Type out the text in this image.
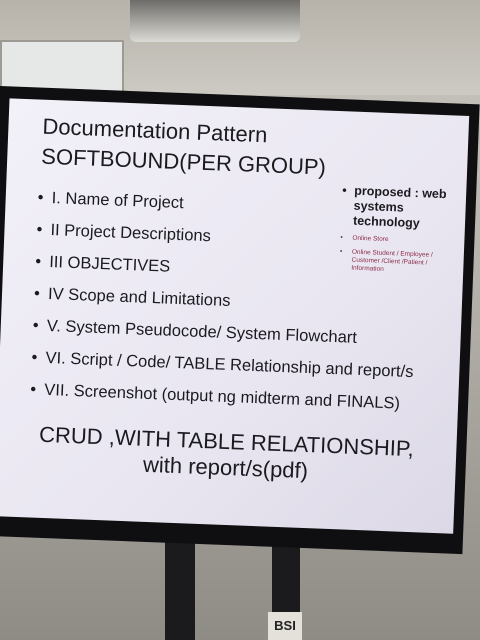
BSI
Documentation Pattern
SOFTBOUND(PER GROUP)
• I. Name of Project
• II Project Descriptions
• III OBJECTIVES
• IV Scope and Limitations
• V. System Pseudocode/ System Flowchart
• VI. Script / Code/ TABLE Relationship and report/s
• VII. Screenshot (output ng midterm and FINALS)
• proposed : web systems technology
• Online Store
• Online Student / Employee / Customer /Client /Patient / Information
CRUD ,WITH TABLE RELATIONSHIP,
with report/s(pdf)
